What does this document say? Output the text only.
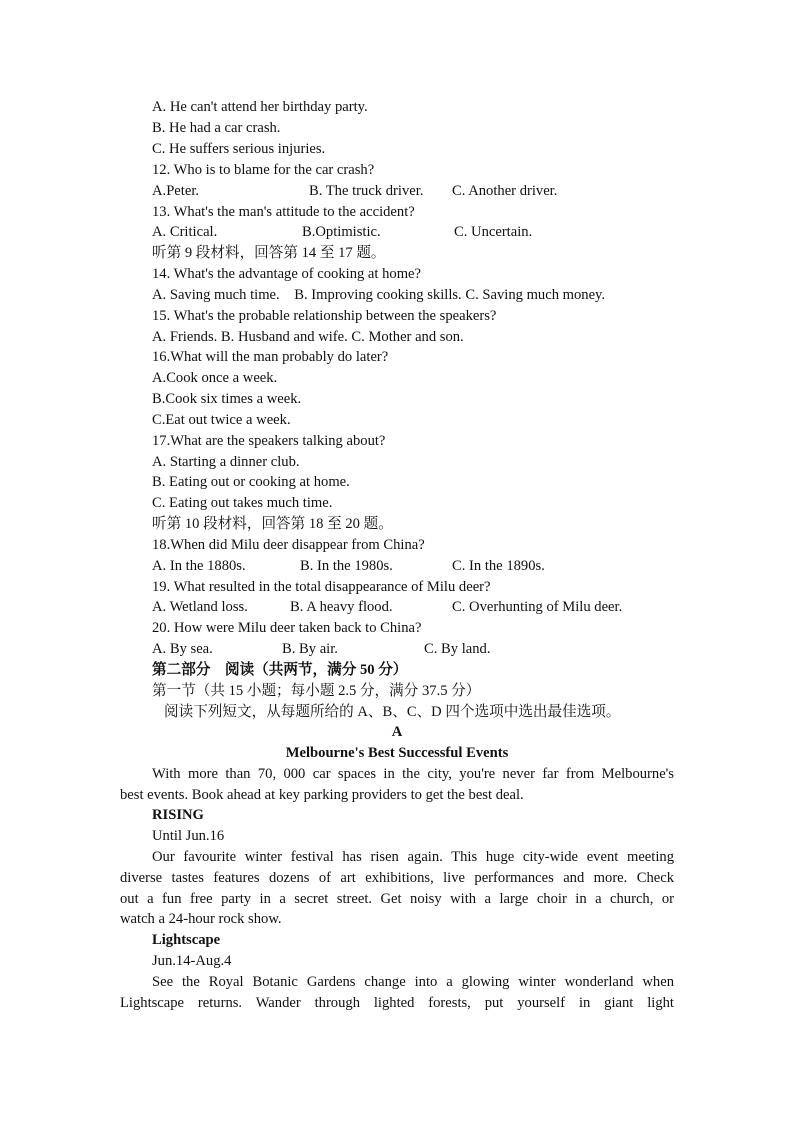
A. He can't attend her birthday party.
B. He had a car crash.
C. He suffers serious injuries.
12. Who is to blame for the car crash?
A.Peter.	B. The truck driver. C. Another driver.
13. What's the man's attitude to the accident?
A. Critical.	B.Optimistic.	C. Uncertain.
听第 9 段材料，回答第 14 至 17 题。
14. What's the advantage of cooking at home?
A. Saving much time.    B. Improving cooking skills. C. Saving much money.
15. What's the probable relationship between the speakers?
A. Friends. B. Husband and wife. C. Mother and son.
16.What will the man probably do later?
A.Cook once a week.
B.Cook six times a week.
C.Eat out twice a week.
17.What are the speakers talking about?
A. Starting a dinner club.
B. Eating out or cooking at home.
C. Eating out takes much time.
听第 10 段材料，回答第 18 至 20 题。
18.When did Milu deer disappear from China?
A. In the 1880s.	B. In the 1980s.	C. In the 1890s.
19. What resulted in the total disappearance of Milu deer?
A. Wetland loss.	B. A heavy flood.	C. Overhunting of Milu deer.
20. How were Milu deer taken back to China?
A. By sea.	B. By air.	C. By land.
第二部分    阅读（共两节，满分 50 分）
第一节（共 15 小题；每小题 2.5 分，满分 37.5 分）
阅读下列短文，从每题所给的 A、B、C、D 四个选项中选出最佳选项。
A
Melbourne's Best Successful Events
With more than 70, 000 car spaces in the city, you're never far from Melbourne's
best events. Book ahead at key parking providers to get the best deal.
RISING
Until Jun.16
Our favourite winter festival has risen again. This huge city-wide event meeting
diverse tastes features dozens of art exhibitions, live performances and more. Check
out a fun free party in a secret street. Get noisy with a large choir in a church, or
watch a 24-hour rock show.
Lightscape
Jun.14-Aug.4
See the Royal Botanic Gardens change into a glowing winter wonderland when
Lightscape returns. Wander through lighted forests, put yourself in giant light
